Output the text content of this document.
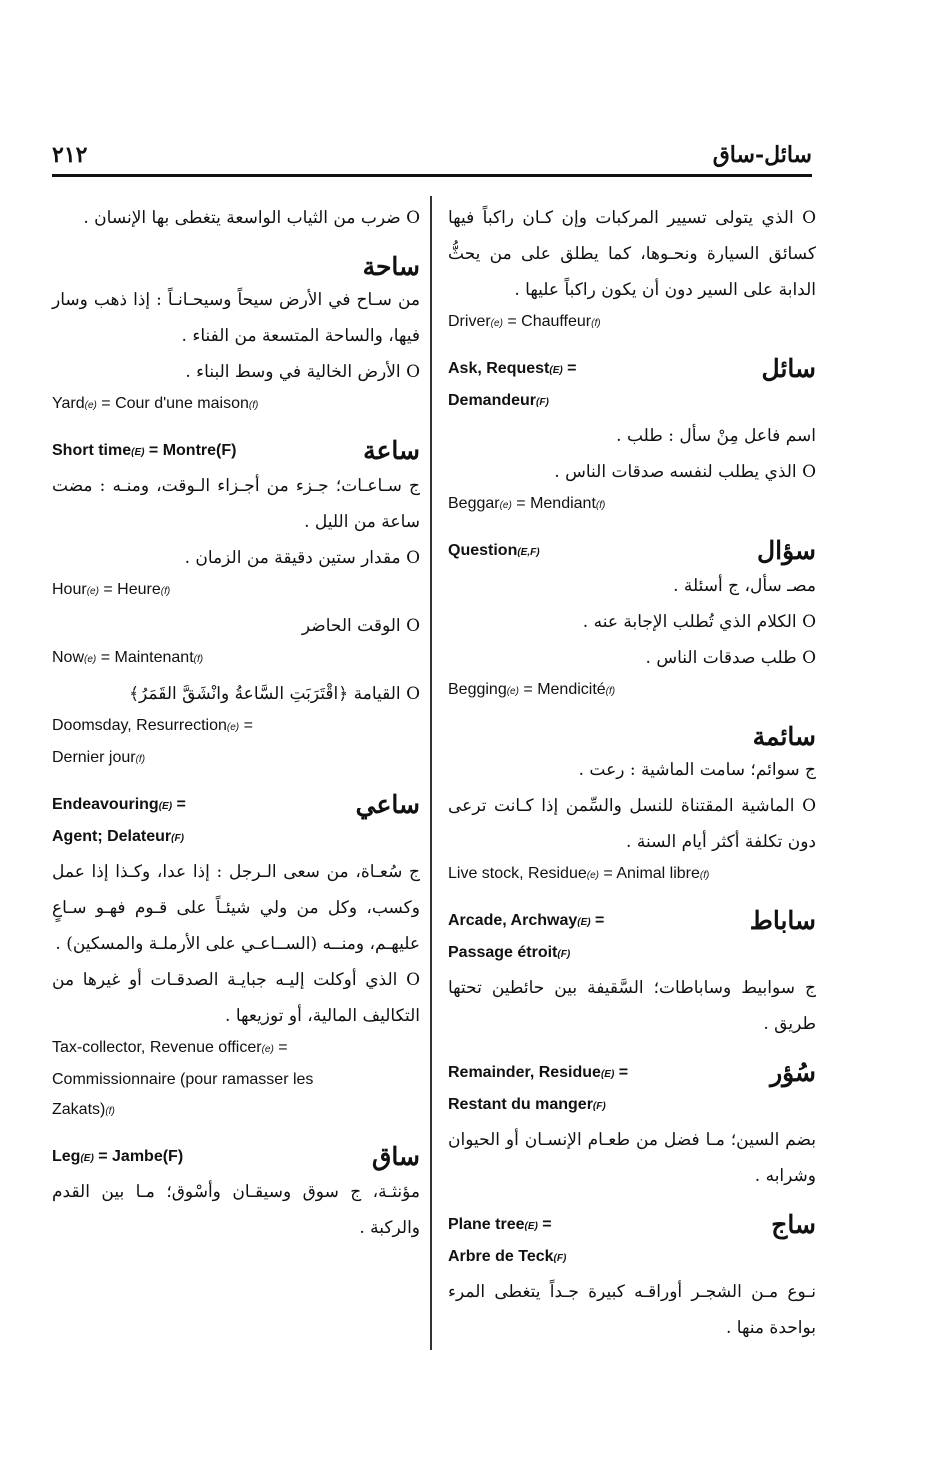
سائل-ساق
٢١٢

O الذي يتولى تسيير المركبات وإن كـان راكباً فيها كسائق السيارة ونحـوها، كما يطلق على من يحثُّ الدابة على السير دون أن يكون راكباً عليها .

Driver(e) = Chauffeur(f)

Ask, Request(E) =
Demandeur(F)
سائل

اسم فاعل مِنْ سأل : طلب .

O الذي يطلب لنفسه صدقات الناس .

Beggar(e) = Mendiant(f)

Question(E,F)	سؤال

مصـ سأل، ج أسئلة .

O الكلام الذي تُطلب الإجابة عنه .

O طلب صدقات الناس .

Begging(e) = Mendicité(f)

سائمة

ج سوائم؛ سامت الماشية : رعت .

O الماشية المقتناة للنسل والسِّمن إذا كـانت ترعى دون تكلفة أكثر أيام السنة .

Live stock, Residue(e) = Animal libre(f)

Arcade, Archway(E) =
Passage étroit(F)
ساباط

ج سوابيط وساباطات؛ السَّقيفة بين حائطين تحتها طريق .

Remainder, Residue(E) =
Restant du manger(F)
سُؤر

بضم السين؛ مـا فضل من طعـام الإنسـان أو الحيوان وشرابه .

Plane tree(E) =
Arbre de Teck(F)
ساج

نـوع مـن الشجـر أوراقـه كبيرة جـداً يتغطى المرء بواحدة منها .

O ضرب من الثياب الواسعة يتغطى بها الإنسان .

ساحة

من سـاح في الأرض سيحاً وسيحـانـاً : إذا ذهب وسار فيها، والساحة المتسعة من الفناء .

O الأرض الخالية في وسط البناء .

Yard(e) = Cour d'une maison(f)

Short time(E) = Montre(F)	ساعة

ج سـاعـات؛ جـزء من أجـزاء الـوقت، ومنـه : مضت ساعة من الليل .

O مقدار ستين دقيقة من الزمان .

Hour(e) = Heure(f)

O الوقت الحاضر

Now(e) = Maintenant(f)

O القيامة ﴿اقْتَرَبَتِ السَّاعةُ وانْشَقَّ القَمَرُ﴾

Doomsday, Resurrection(e) =

Dernier jour(f)

Endeavouring(E) =
Agent; Delateur(F)
ساعي

ج سُعـاة، من سعى الـرجل : إذا عدا، وكـذا إذا عمل وكسب، وكل من ولي شيئـاً على قـوم فهـو سـاعٍ عليهـم، ومنــه (الســاعـي على الأرملـة والمسكين) .

O الذي أوكلت إليـه جبايـة الصدقـات أو غيرها من التكاليف المالية، أو توزيعها .

Tax-collector, Revenue officer(e) =

Commissionnaire (pour ramasser les

Zakats)(f)

Leg(E) = Jambe(F)	ساق

مؤنثـة، ج سوق وسيقـان وأسْوق؛ مـا بين القدم والركبة .
